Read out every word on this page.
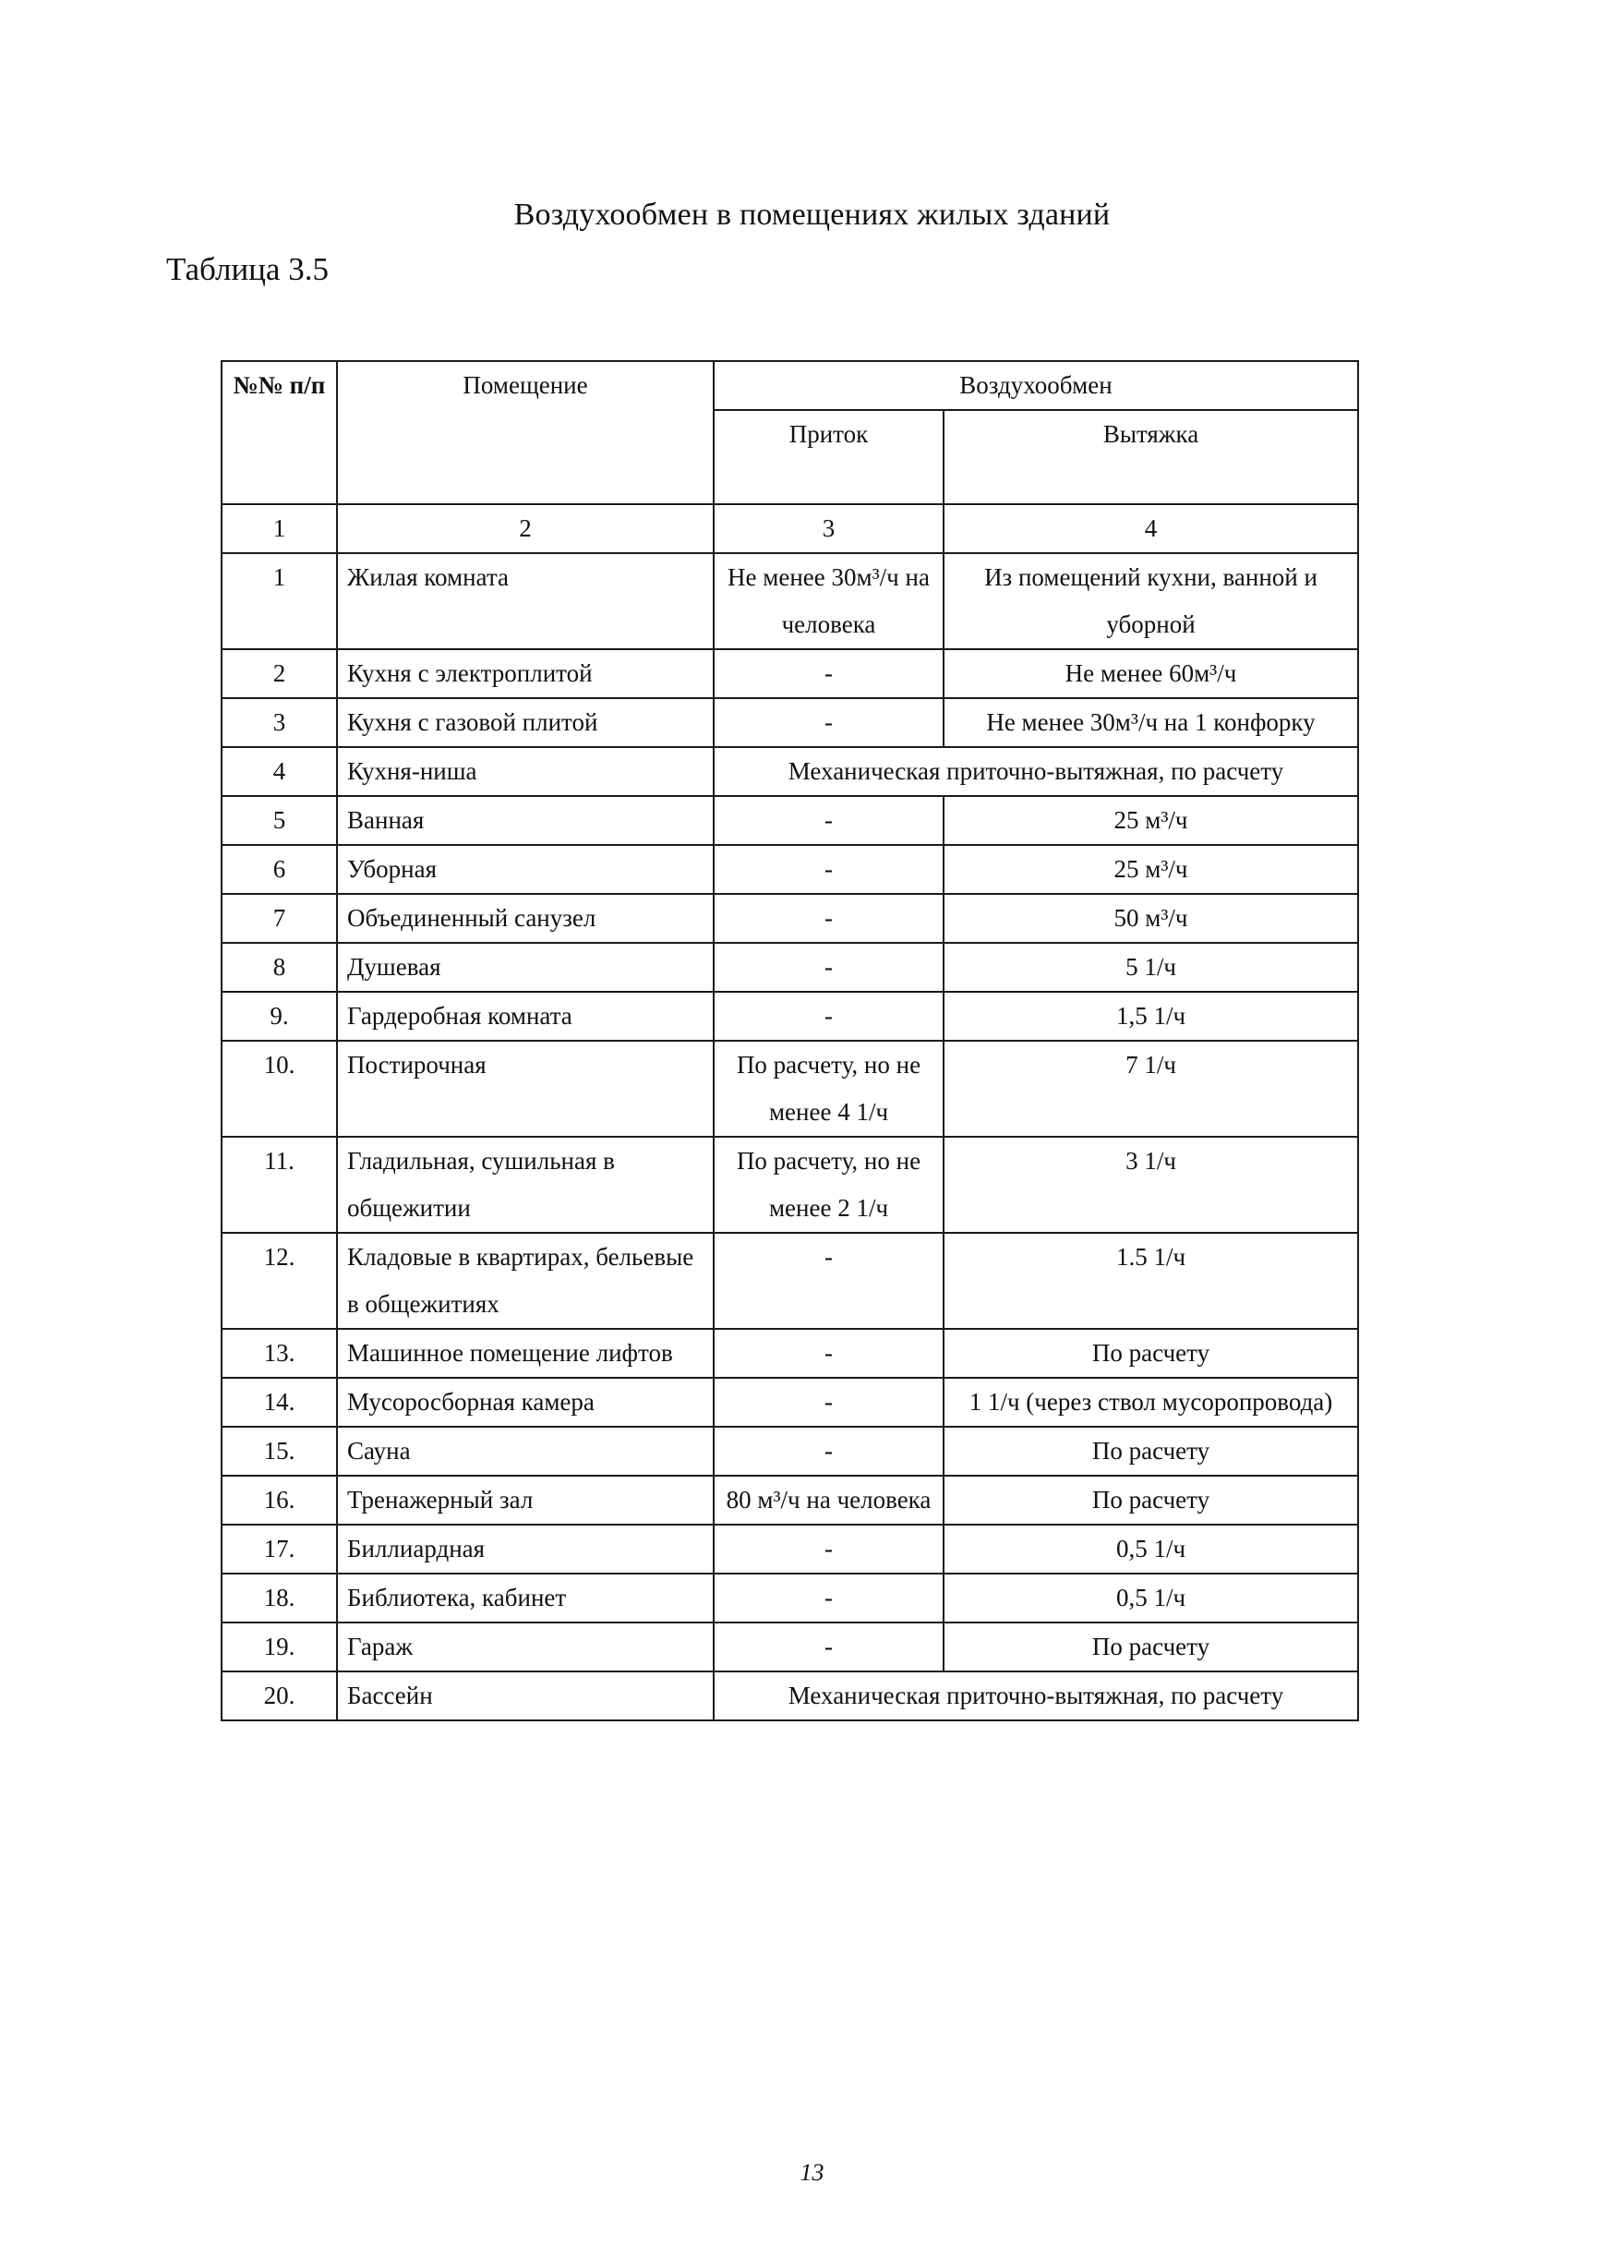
Воздухообмен в помещениях жилых зданий
Таблица 3.5
№№ п/п	Помещение	Воздухообмен	
		Приток	Вытяжка
1	2	3	4
1	Жилая комната	Не менее 30м³/ч на человека	Из помещений кухни, ванной и уборной
2	Кухня с электроплитой	-	Не менее 60м³/ч
3	Кухня с газовой плитой	-	Не менее 30м³/ч на 1 конфорку
4	Кухня-ниша	Механическая приточно-вытяжная, по расчету	
5	Ванная	-	25 м³/ч
6	Уборная	-	25 м³/ч
7	Объединенный санузел	-	50 м³/ч
8	Душевая	-	5 1/ч
9.	Гардеробная комната	-	1,5 1/ч
10.	Постирочная	По расчету, но не менее 4 1/ч	7 1/ч
11.	Гладильная, сушильная в общежитии	По расчету, но не менее 2 1/ч	3 1/ч
12.	Кладовые в квартирах, бельевые в общежитиях	-	1.5 1/ч
13.	Машинное помещение лифтов	-	По расчету
14.	Мусоросборная камера	-	1 1/ч (через ствол мусоропровода)
15.	Сауна	-	По расчету
16.	Тренажерный зал	80 м³/ч на человека	По расчету
17.	Биллиардная	-	0,5 1/ч
18.	Библиотека, кабинет	-	0,5 1/ч
19.	Гараж	-	По расчету
20.	Бассейн	Механическая приточно-вытяжная, по расчету	
13
